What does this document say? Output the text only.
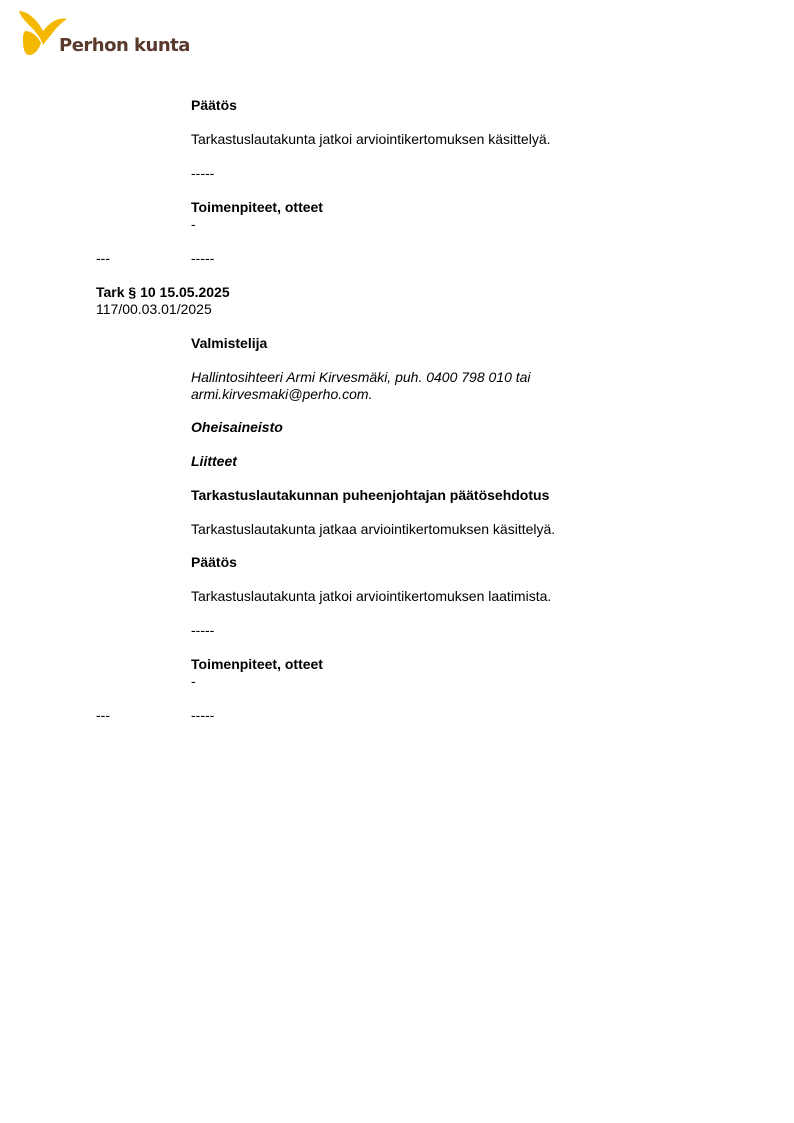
Perhon kunta
Päätös
Tarkastuslautakunta jatkoi arviointikertomuksen käsittelyä.
-----
Toimenpiteet, otteet
-
---	-----
Tark § 10 15.05.2025
117/00.03.01/2025
Valmistelija
Hallintosihteeri Armi Kirvesmäki, puh. 0400 798 010 tai
armi.kirvesmaki@perho.com.
Oheisaineisto
Liitteet
Tarkastuslautakunnan puheenjohtajan päätösehdotus
Tarkastuslautakunta jatkaa arviointikertomuksen käsittelyä.
Päätös
Tarkastuslautakunta jatkoi arviointikertomuksen laatimista.
-----
Toimenpiteet, otteet
-
---	-----
